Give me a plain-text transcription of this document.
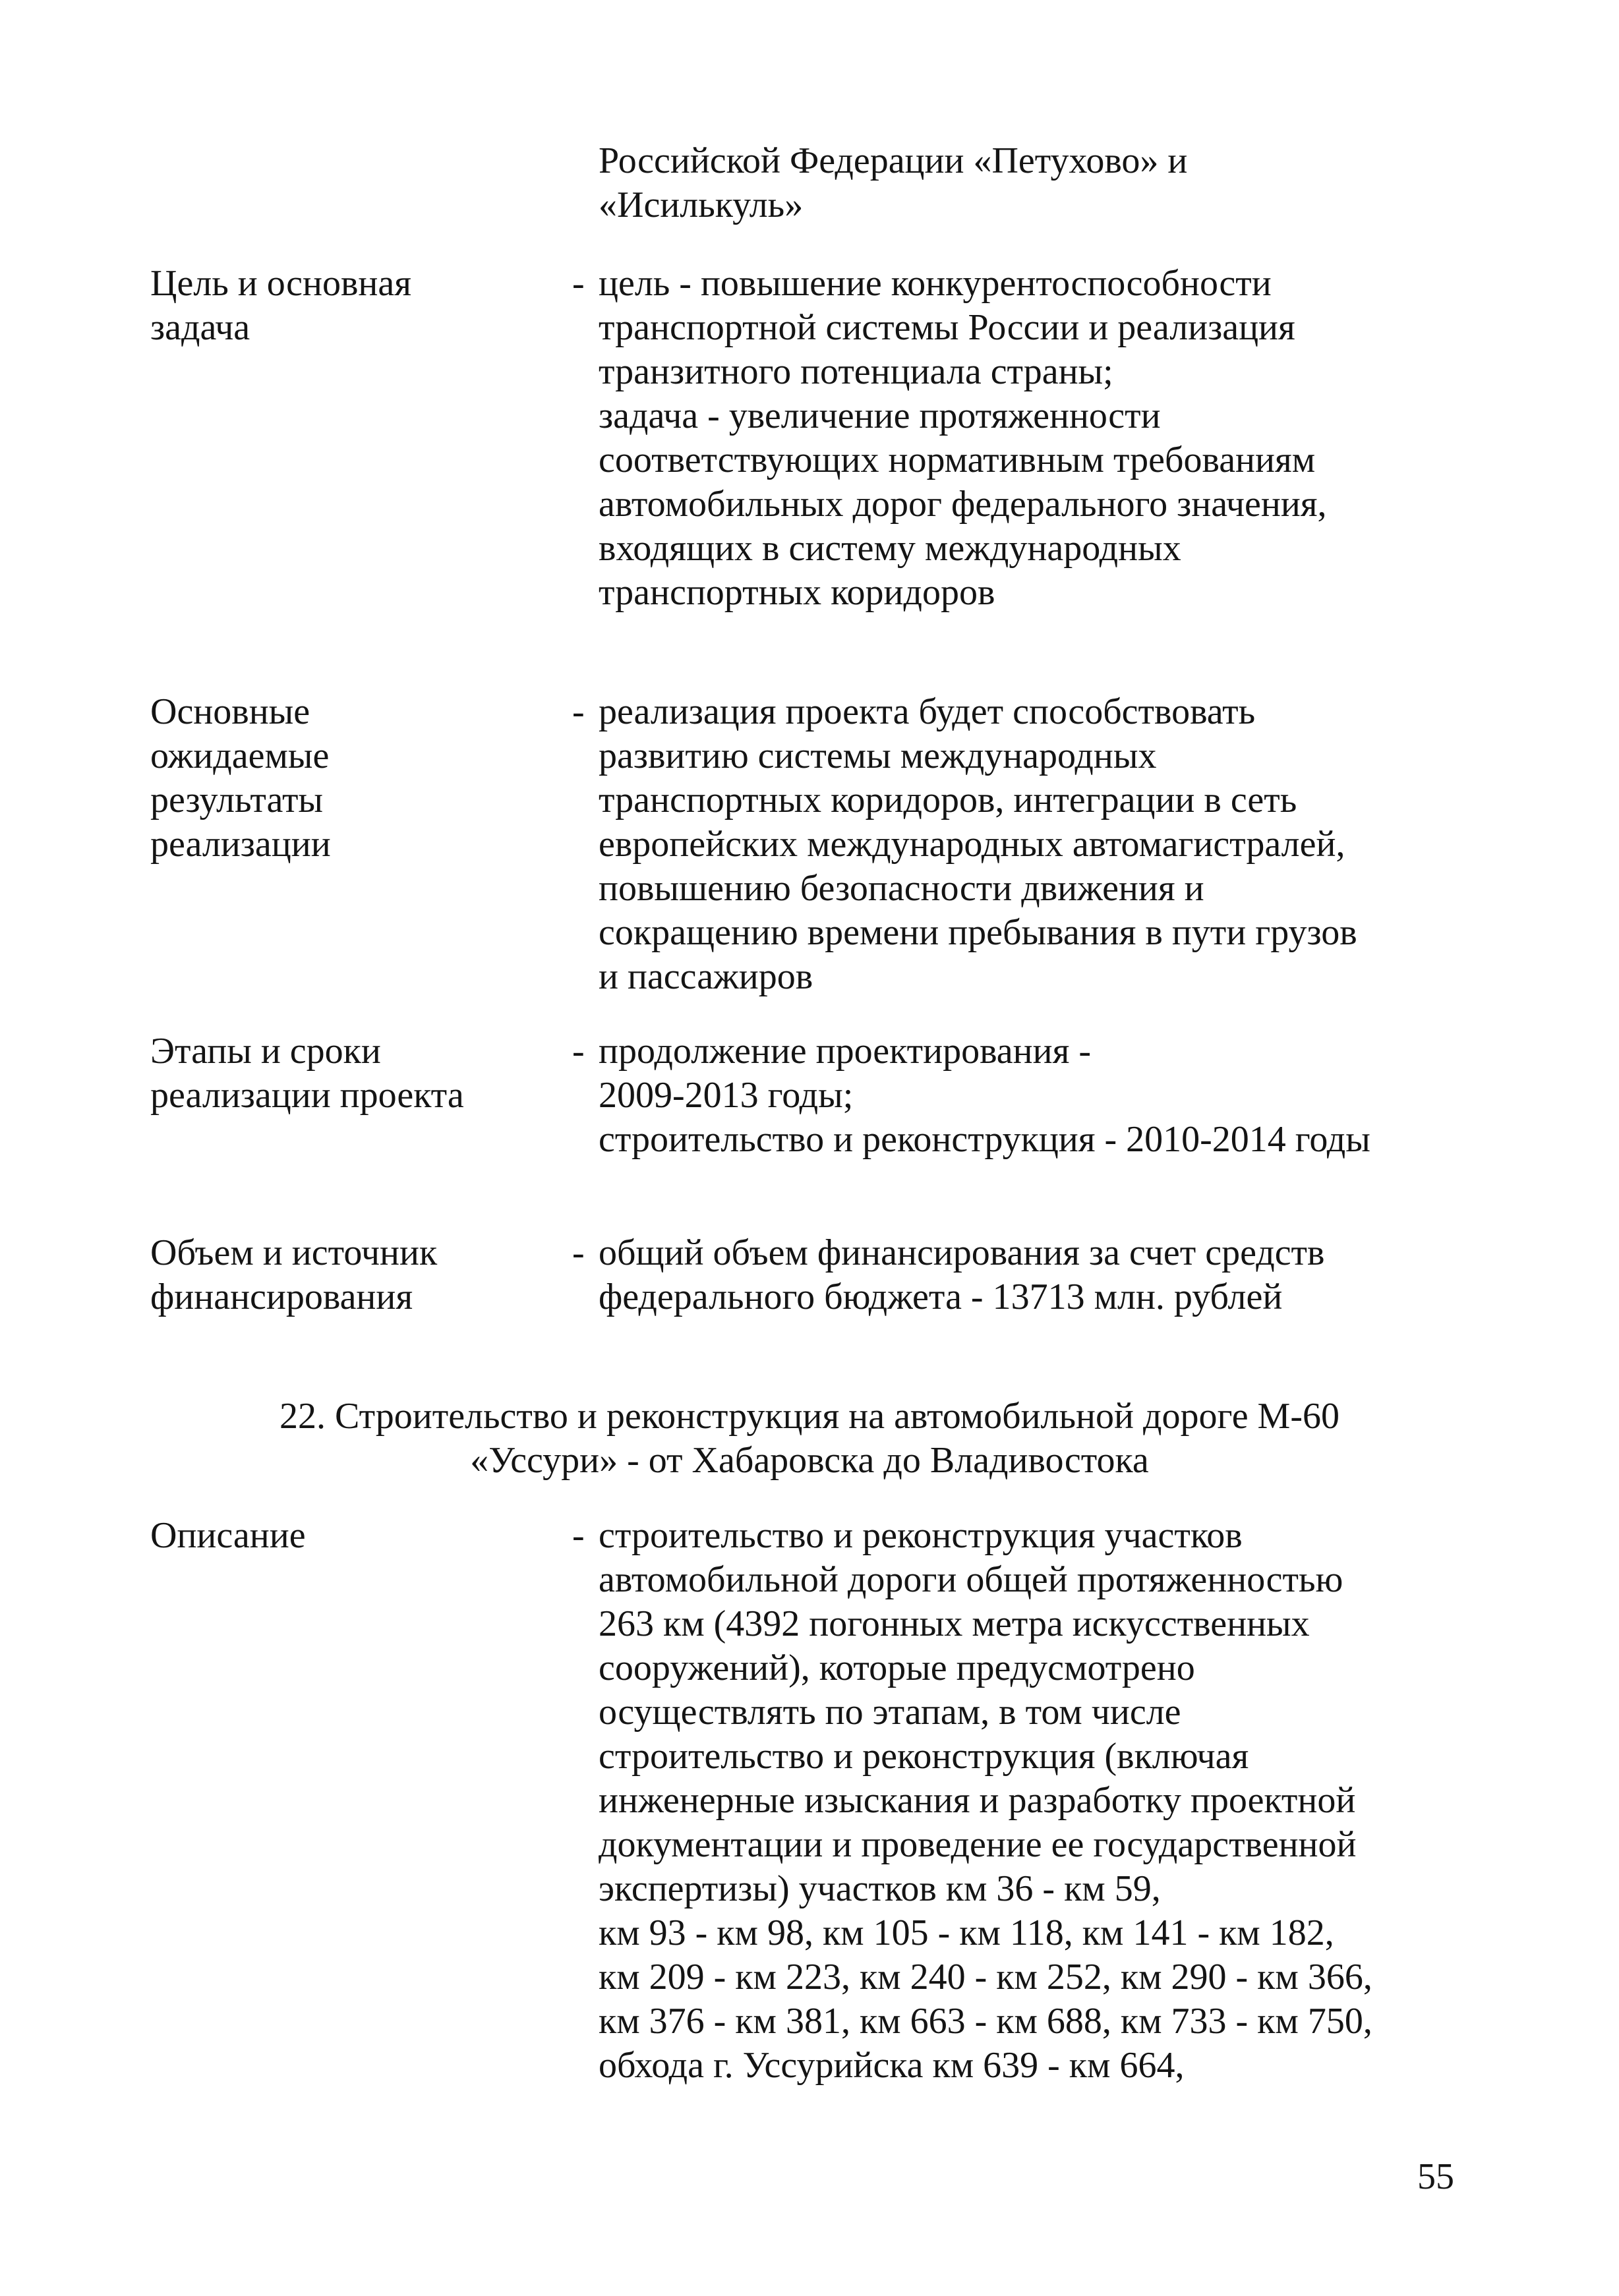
Российской Федерации «Петухово» и
«Исилькуль»
Цель и основная
задача
- цель - повышение конкурентоспособности
транспортной системы России и реализация
транзитного потенциала страны;
задача - увеличение протяженности
соответствующих нормативным требованиям
автомобильных дорог федерального значения,
входящих в систему международных
транспортных коридоров
Основные
ожидаемые
результаты
реализации
- реализация проекта будет способствовать
развитию системы международных
транспортных коридоров, интеграции в сеть
европейских международных автомагистралей,
повышению безопасности движения и
сокращению времени пребывания в пути грузов
и пассажиров
Этапы и сроки
реализации проекта
- продолжение проектирования -
2009-2013 годы;
строительство и реконструкция - 2010-2014 годы
Объем и источник
финансирования
- общий объем финансирования за счет средств
федерального бюджета - 13713 млн. рублей
22. Строительство и реконструкция на автомобильной дороге М-60
«Уссури» - от Хабаровска до Владивостока
Описание	- строительство и реконструкция участков
автомобильной дороги общей протяженностью
263 км (4392 погонных метра искусственных
сооружений), которые предусмотрено
осуществлять по этапам, в том числе
строительство и реконструкция (включая
инженерные изыскания и разработку проектной
документации и проведение ее государственной
экспертизы) участков км 36 - км 59,
км 93 - км 98, км 105 - км 118, км 141 - км 182,
км 209 - км 223, км 240 - км 252, км 290 - км 366,
км 376 - км 381, км 663 - км 688, км 733 - км 750,
обхода г. Уссурийска км 639 - км 664,
55
